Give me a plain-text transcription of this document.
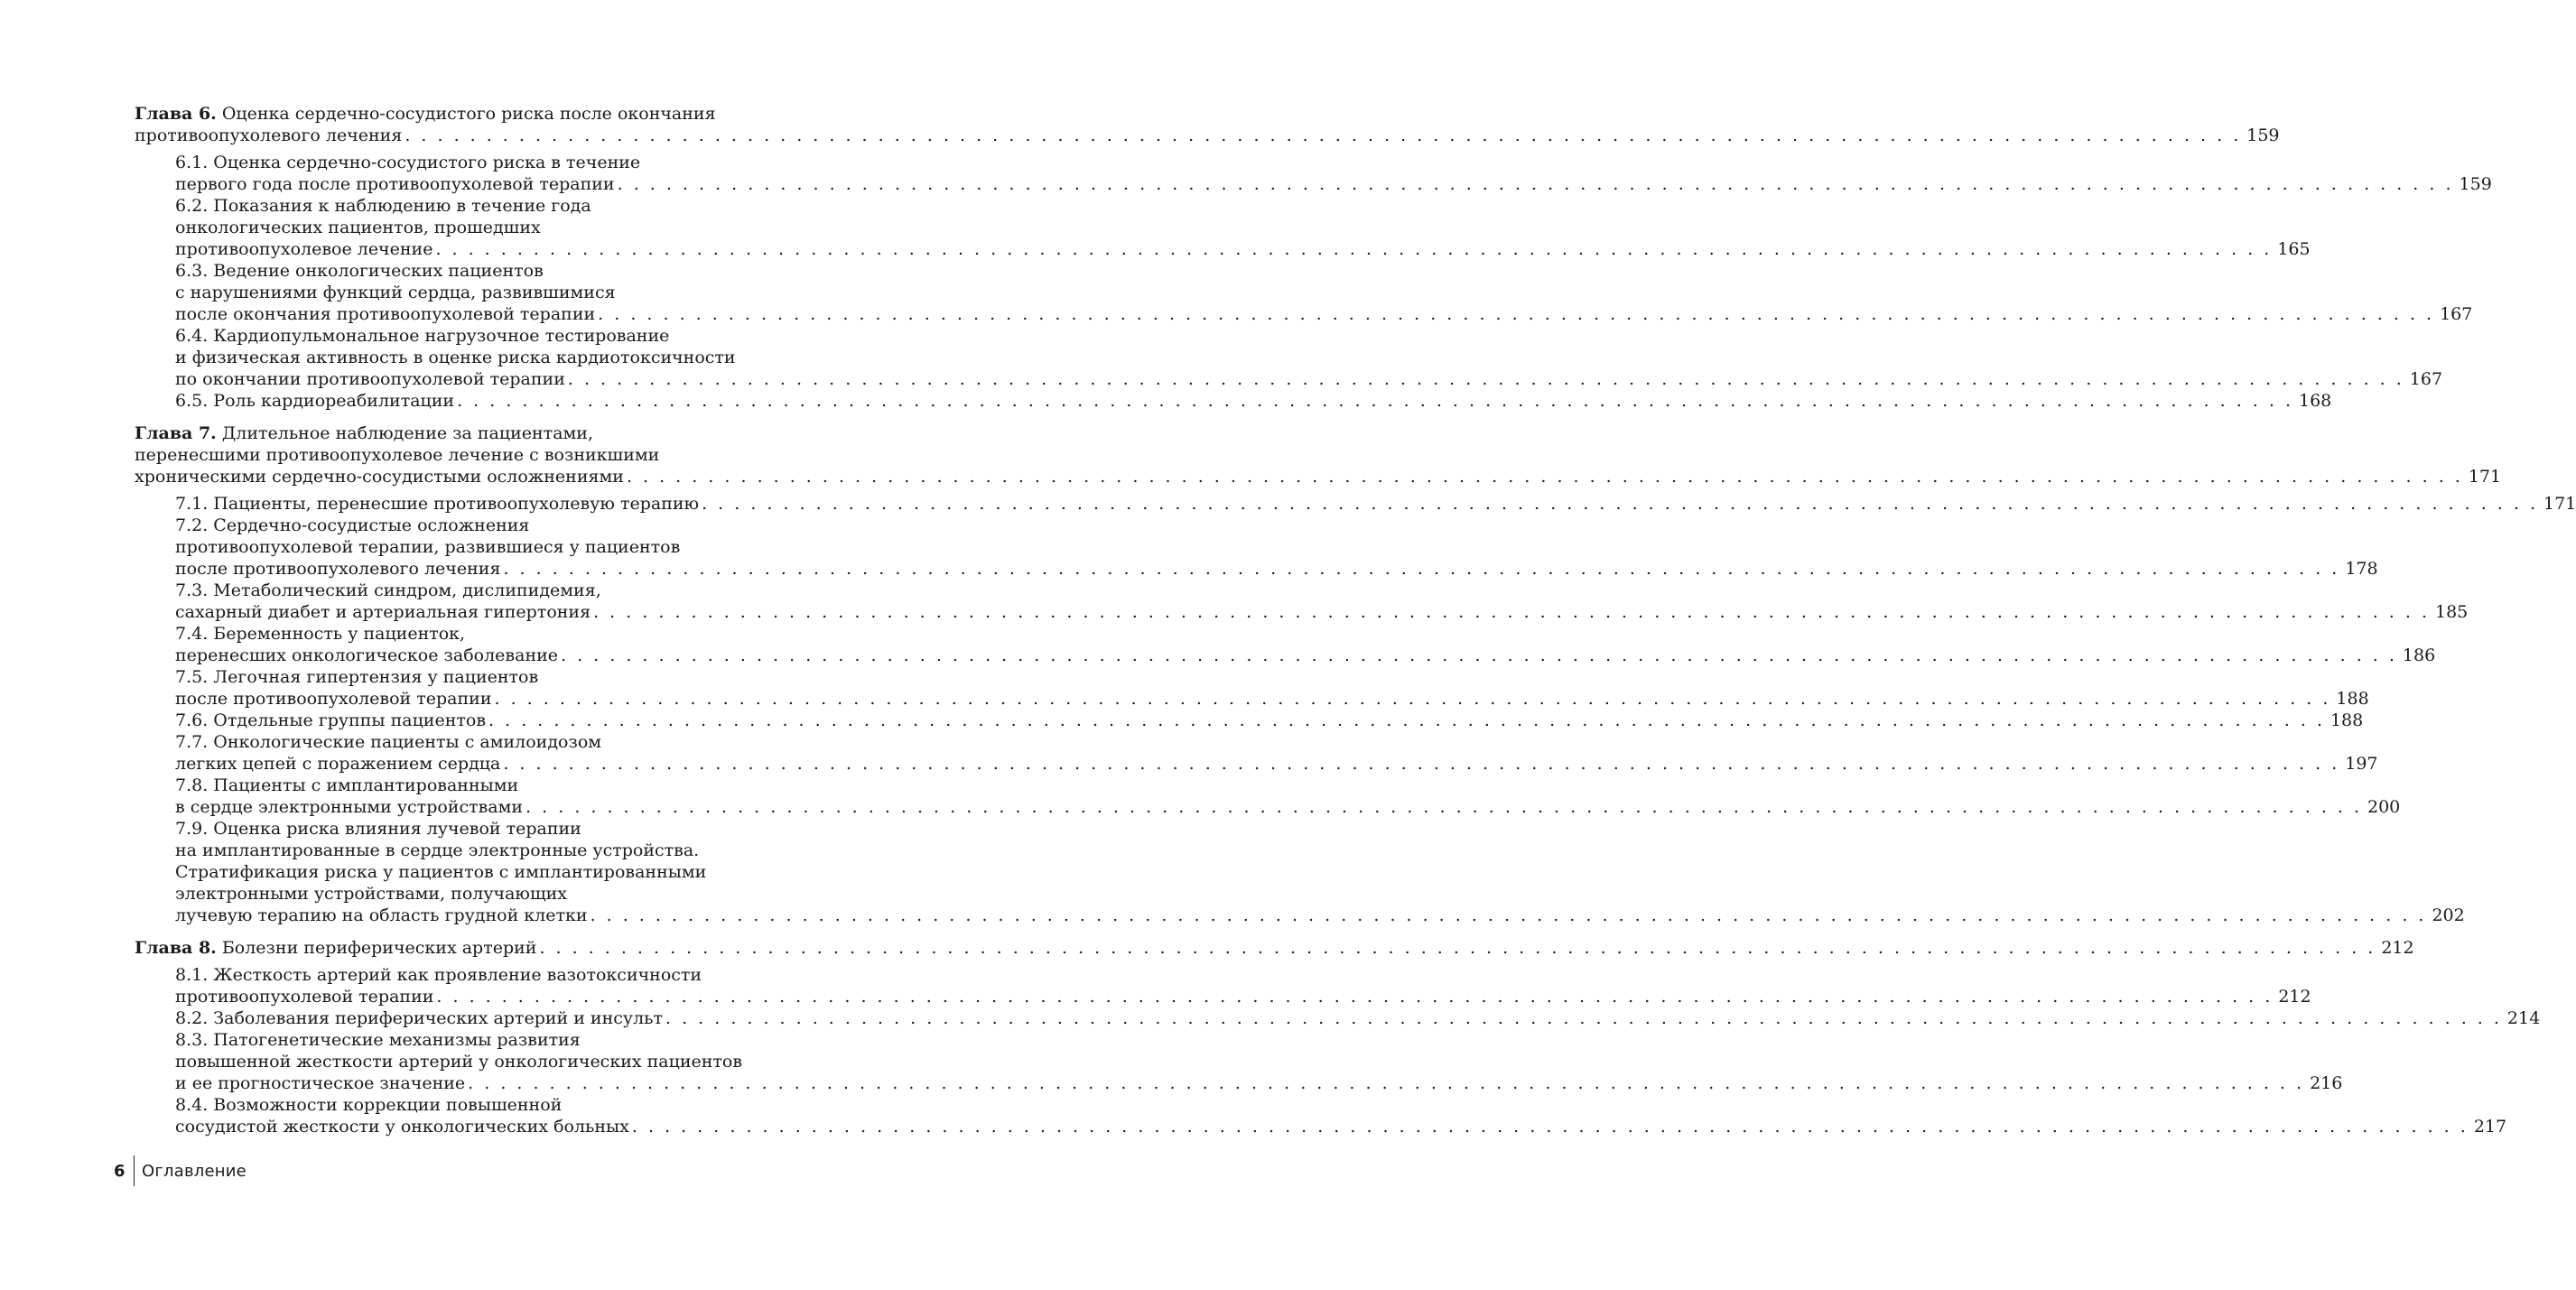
Глава 6. Оценка сердечно-сосудистого риска после окончания
противоопухолевого лечения . . .	159
6.1. Оценка сердечно-сосудистого риска в течение
первого года после противоопухолевой терапии . . .	159
6.2. Показания к наблюдению в течение года
онкологических пациентов, прошедших
противоопухолевое лечение . . .	165
6.3. Ведение онкологических пациентов
с нарушениями функций сердца, развившимися
после окончания противоопухолевой терапии . . .	167
6.4. Кардиопульмональное нагрузочное тестирование
и физическая активность в оценке риска кардиотоксичности
по окончании противоопухолевой терапии . . .	167
6.5. Роль кардиореабилитации . . .	168
Глава 7. Длительное наблюдение за пациентами,
перенесшими противоопухолевое лечение с возникшими
хроническими сердечно-сосудистыми осложнениями . . .	171
7.1. Пациенты, перенесшие противоопухолевую терапию . . .	171
7.2. Сердечно-сосудистые осложнения
противоопухолевой терапии, развившиеся у пациентов
после противоопухолевого лечения . . .	178
7.3. Метаболический синдром, дислипидемия,
сахарный диабет и артериальная гипертония . . .	185
7.4. Беременность у пациенток,
перенесших онкологическое заболевание . . .	186
7.5. Легочная гипертензия у пациентов
после противоопухолевой терапии . . .	188
7.6. Отдельные группы пациентов . . .	188
7.7. Онкологические пациенты с амилоидозом
легких цепей с поражением сердца . . .	197
7.8. Пациенты с имплантированными
в сердце электронными устройствами . . .	200
7.9. Оценка риска влияния лучевой терапии
на имплантированные в сердце электронные устройства.
Стратификация риска у пациентов с имплантированными
электронными устройствами, получающих
лучевую терапию на область грудной клетки . . .	202
Глава 8. Болезни периферических артерий . . .	212
8.1. Жесткость артерий как проявление вазотоксичности
противоопухолевой терапии . . .	212
8.2. Заболевания периферических артерий и инсульт . . .	214
8.3. Патогенетические механизмы развития
повышенной жесткости артерий у онкологических пациентов
и ее прогностическое значение . . .	216
8.4. Возможности коррекции повышенной
сосудистой жесткости у онкологических больных . . .	217
6 Оглавление
